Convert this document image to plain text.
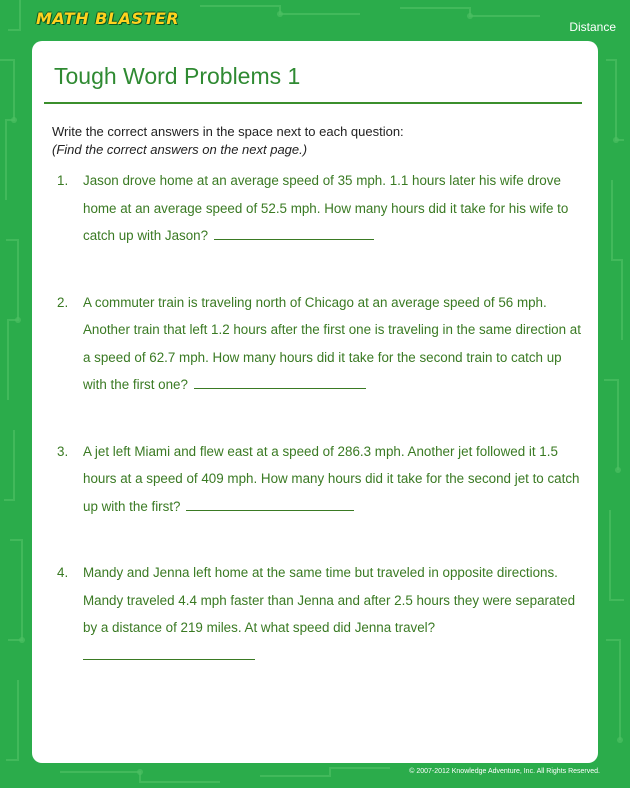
MATH BLASTER	Distance
Tough Word Problems 1
Write the correct answers in the space next to each question:
(Find the correct answers on the next page.)
1. Jason drove home at an average speed of 35 mph. 1.1 hours later his wife drove home at an average speed of 52.5 mph. How many hours did it take for his wife to catch up with Jason?
2. A commuter train is traveling north of Chicago at an average speed of 56 mph. Another train that left 1.2 hours after the first one is traveling in the same direction at a speed of 62.7 mph. How many hours did it take for the second train to catch up with the first one?
3. A jet left Miami and flew east at a speed of 286.3 mph. Another jet followed it 1.5 hours at a speed of 409 mph. How many hours did it take for the second jet to catch up with the first?
4. Mandy and Jenna left home at the same time but traveled in opposite directions. Mandy traveled 4.4 mph faster than Jenna and after 2.5 hours they were separated by a distance of 219 miles. At what speed did Jenna travel?
© 2007-2012 Knowledge Adventure, Inc. All Rights Reserved.
